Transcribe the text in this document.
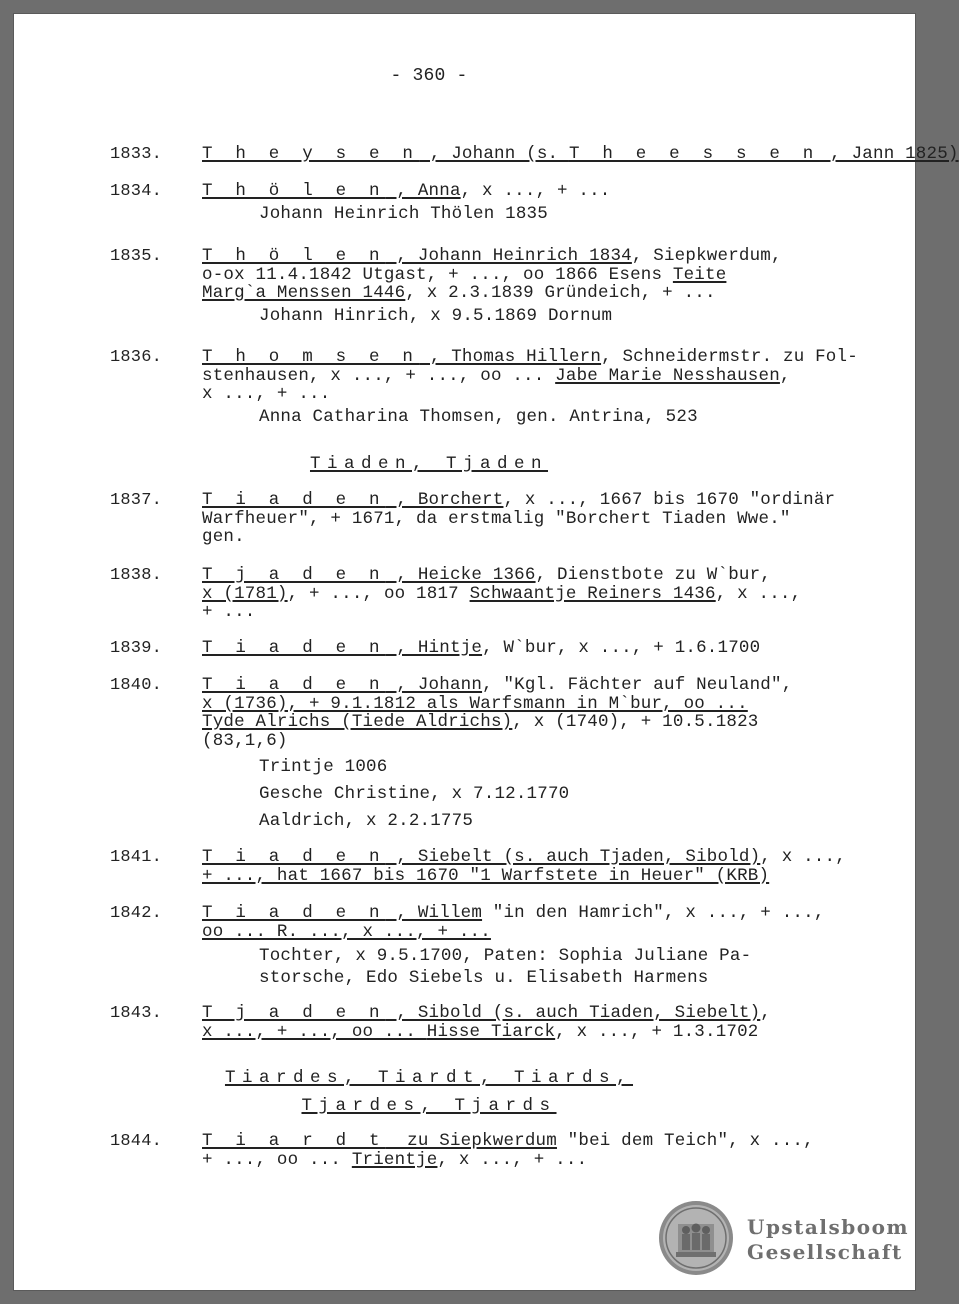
- 360 -
1833. T h e y s e n , Johann (s. T h e e s s e n , Jann 1825)
1834. T h ö l e n , Anna, x ..., + ...
Johann Heinrich Thölen 1835
1835. T h ö l e n , Johann Heinrich 1834, Siepkwerdum,
o-ox 11.4.1842 Utgast, + ..., oo 1866 Esens Teite
Marg`a Menssen 1446, x 2.3.1839 Gründeich, + ...
Johann Hinrich, x 9.5.1869 Dornum
1836. T h o m s e n , Thomas Hillern, Schneidermstr. zu Fol-
stenhausen, x ..., + ..., oo ... Jabe Marie Nesshausen,
x ..., + ...
Anna Catharina Thomsen, gen. Antrina, 523
Tiaden, Tjaden
1837. T i a d e n , Borchert, x ..., 1667 bis 1670 "ordinär
Warfheuer", + 1671, da erstmalig "Borchert Tiaden Wwe."
gen.
1838. T j a d e n , Heicke 1366, Dienstbote zu W`bur,
x (1781), + ..., oo 1817 Schwaantje Reiners 1436, x ...,
+ ...
1839. T i a d e n , Hintje, W`bur, x ..., + 1.6.1700
1840. T i a d e n , Johann, "Kgl. Fächter auf Neuland",
x (1736), + 9.1.1812 als Warfsmann in M`bur, oo ...
Tyde Alrichs (Tiede Aldrichs), x (1740), + 10.5.1823
(83,1,6)
Trintje 1006
Gesche Christine, x 7.12.1770
Aaldrich, x 2.2.1775
1841. T i a d e n , Siebelt (s. auch Tjaden, Sibold), x ...,
+ ..., hat 1667 bis 1670 "1 Warfstete in Heuer" (KRB)
1842. T i a d e n , Willem "in den Hamrich", x ..., + ...,
oo ... R. ..., x ..., + ...
Tochter, x 9.5.1700, Paten: Sophia Juliane Pa-
storsche, Edo Siebels u. Elisabeth Harmens
1843. T j a d e n , Sibold (s. auch Tiaden, Siebelt),
x ..., + ..., oo ... Hisse Tiarck, x ..., + 1.3.1702
Tiardes, Tiardt, Tiards,
Tjardes, Tjards
1844. T i a r d t  zu Siepkwerdum "bei dem Teich", x ...,
+ ..., oo ... Trientje, x ..., + ...
Upstalsboom
Gesellschaft
